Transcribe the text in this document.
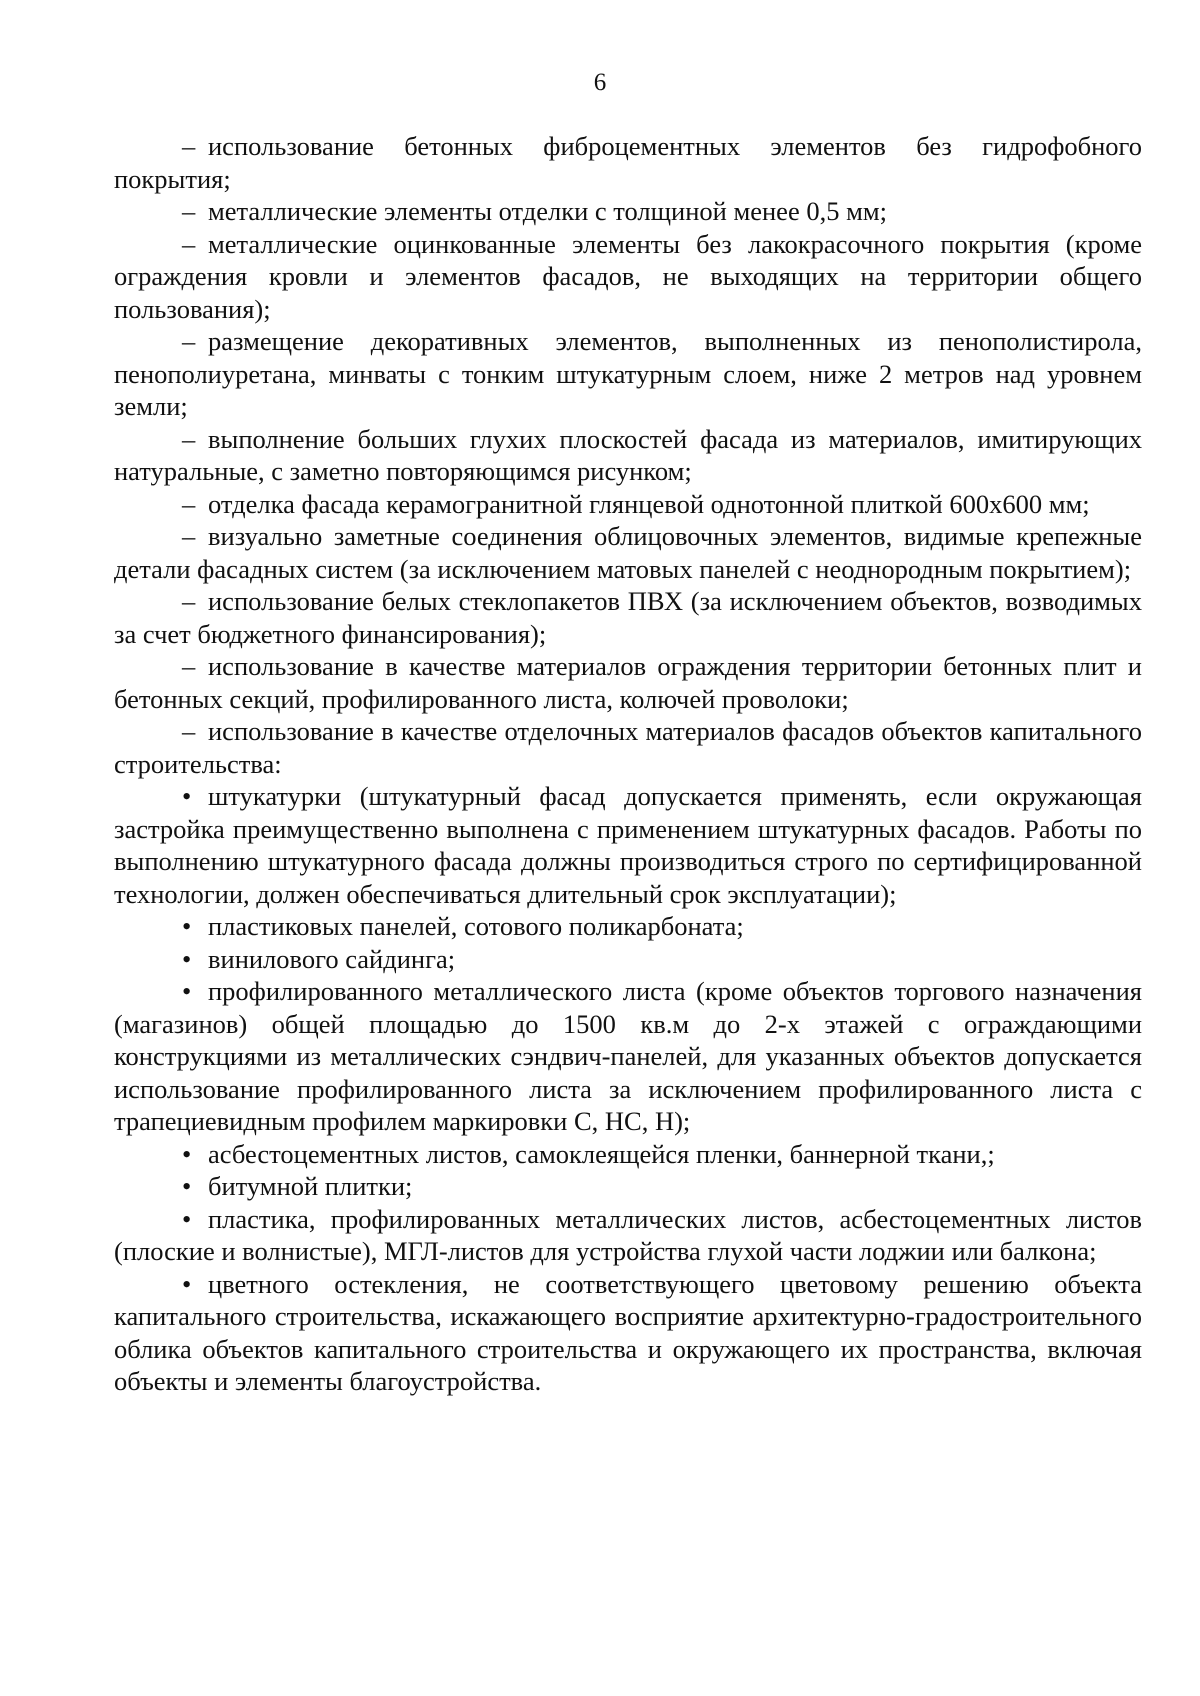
6

– использование бетонных фиброцементных элементов без гидрофобного покрытия;

– металлические элементы отделки с толщиной менее 0,5 мм;

– металлические оцинкованные элементы без лакокрасочного покрытия (кроме ограждения кровли и элементов фасадов, не выходящих на территории общего пользования);

– размещение декоративных элементов, выполненных из пенополистирола, пенополиуретана, минваты с тонким штукатурным слоем, ниже 2 метров над уровнем земли;

– выполнение больших глухих плоскостей фасада из материалов, имитирующих натуральные, с заметно повторяющимся рисунком;

– отделка фасада керамогранитной глянцевой однотонной плиткой 600х600 мм;

– визуально заметные соединения облицовочных элементов, видимые крепежные детали фасадных систем (за исключением матовых панелей с неоднородным покрытием);

– использование белых стеклопакетов ПВХ (за исключением объектов, возводимых за счет бюджетного финансирования);

– использование в качестве материалов ограждения территории бетонных плит и бетонных секций, профилированного листа, колючей проволоки;

– использование в качестве отделочных материалов фасадов объектов капитального строительства:

• штукатурки (штукатурный фасад допускается применять, если окружающая застройка преимущественно выполнена с применением штукатурных фасадов. Работы по выполнению штукатурного фасада должны производиться строго по сертифицированной технологии, должен обеспечиваться длительный срок эксплуатации);

• пластиковых панелей, сотового поликарбоната;

• винилового сайдинга;

• профилированного металлического листа (кроме объектов торгового назначения (магазинов) общей площадью до 1500 кв.м до 2-х этажей с ограждающими конструкциями из металлических сэндвич-панелей, для указанных объектов допускается использование профилированного листа за исключением профилированного листа с трапециевидным профилем маркировки С, НС, Н);

• асбестоцементных листов, самоклеящейся пленки, баннерной ткани,;

• битумной плитки;

• пластика, профилированных металлических листов, асбестоцементных листов (плоские и волнистые), МГЛ-листов для устройства глухой части лоджии или балкона;

• цветного остекления, не соответствующего цветовому решению объекта капитального строительства, искажающего восприятие архитектурно-градостроительного облика объектов капитального строительства и окружающего их пространства, включая объекты и элементы благоустройства.
